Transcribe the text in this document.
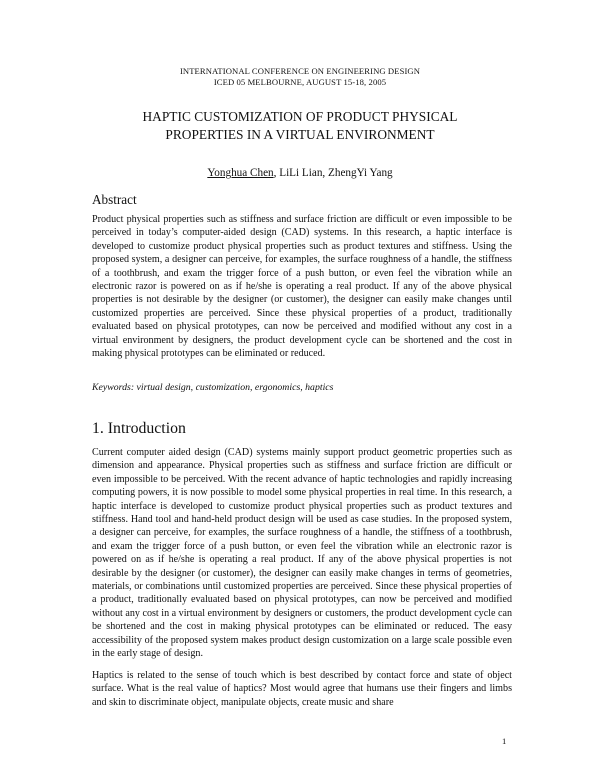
INTERNATIONAL CONFERENCE ON ENGINEERING DESIGN
ICED 05 MELBOURNE, AUGUST 15-18, 2005
HAPTIC CUSTOMIZATION OF PRODUCT PHYSICAL
PROPERTIES IN A VIRTUAL ENVIRONMENT
Yonghua Chen, LiLi Lian, ZhengYi Yang
Abstract

Product physical properties such as stiffness and surface friction are difficult or even impossible to be perceived in today’s computer-aided design (CAD) systems. In this research, a haptic interface is developed to customize product physical properties such as product textures and stiffness. Using the proposed system, a designer can perceive, for examples, the surface roughness of a handle, the stiffness of a toothbrush, and exam the trigger force of a push button, or even feel the vibration while an electronic razor is powered on as if he/she is operating a real product. If any of the above physical properties is not desirable by the designer (or customer), the designer can easily make changes until customized properties are perceived. Since these physical properties of a product, traditionally evaluated based on physical prototypes, can now be perceived and modified without any cost in a virtual environment by designers, the product development cycle can be shortened and the cost in making physical prototypes can be eliminated or reduced.

Keywords: virtual design, customization, ergonomics, haptics

1. Introduction

Current computer aided design (CAD) systems mainly support product geometric properties such as dimension and appearance. Physical properties such as stiffness and surface friction are difficult or even impossible to be perceived. With the recent advance of haptic technologies and rapidly increasing computing powers, it is now possible to model some physical properties in real time. In this research, a haptic interface is developed to customize product physical properties such as product textures and stiffness. Hand tool and hand-held product design will be used as case studies. In the proposed system, a designer can perceive, for examples, the surface roughness of a handle, the stiffness of a toothbrush, and exam the trigger force of a push button, or even feel the vibration while an electronic razor is powered on as if he/she is operating a real product. If any of the above physical properties is not desirable by the designer (or customer), the designer can easily make changes in terms of geometries, materials, or combinations until customized properties are perceived. Since these physical properties of a product, traditionally evaluated based on physical prototypes, can now be perceived and modified without any cost in a virtual environment by designers or customers, the product development cycle can be shortened and the cost in making physical prototypes can be eliminated or reduced. The easy accessibility of the proposed system makes product design customization on a large scale possible even in the early stage of design.

Haptics is related to the sense of touch which is best described by contact force and state of object surface. What is the real value of haptics? Most would agree that humans use their fingers and limbs and skin to discriminate object, manipulate objects, create music and share

1
